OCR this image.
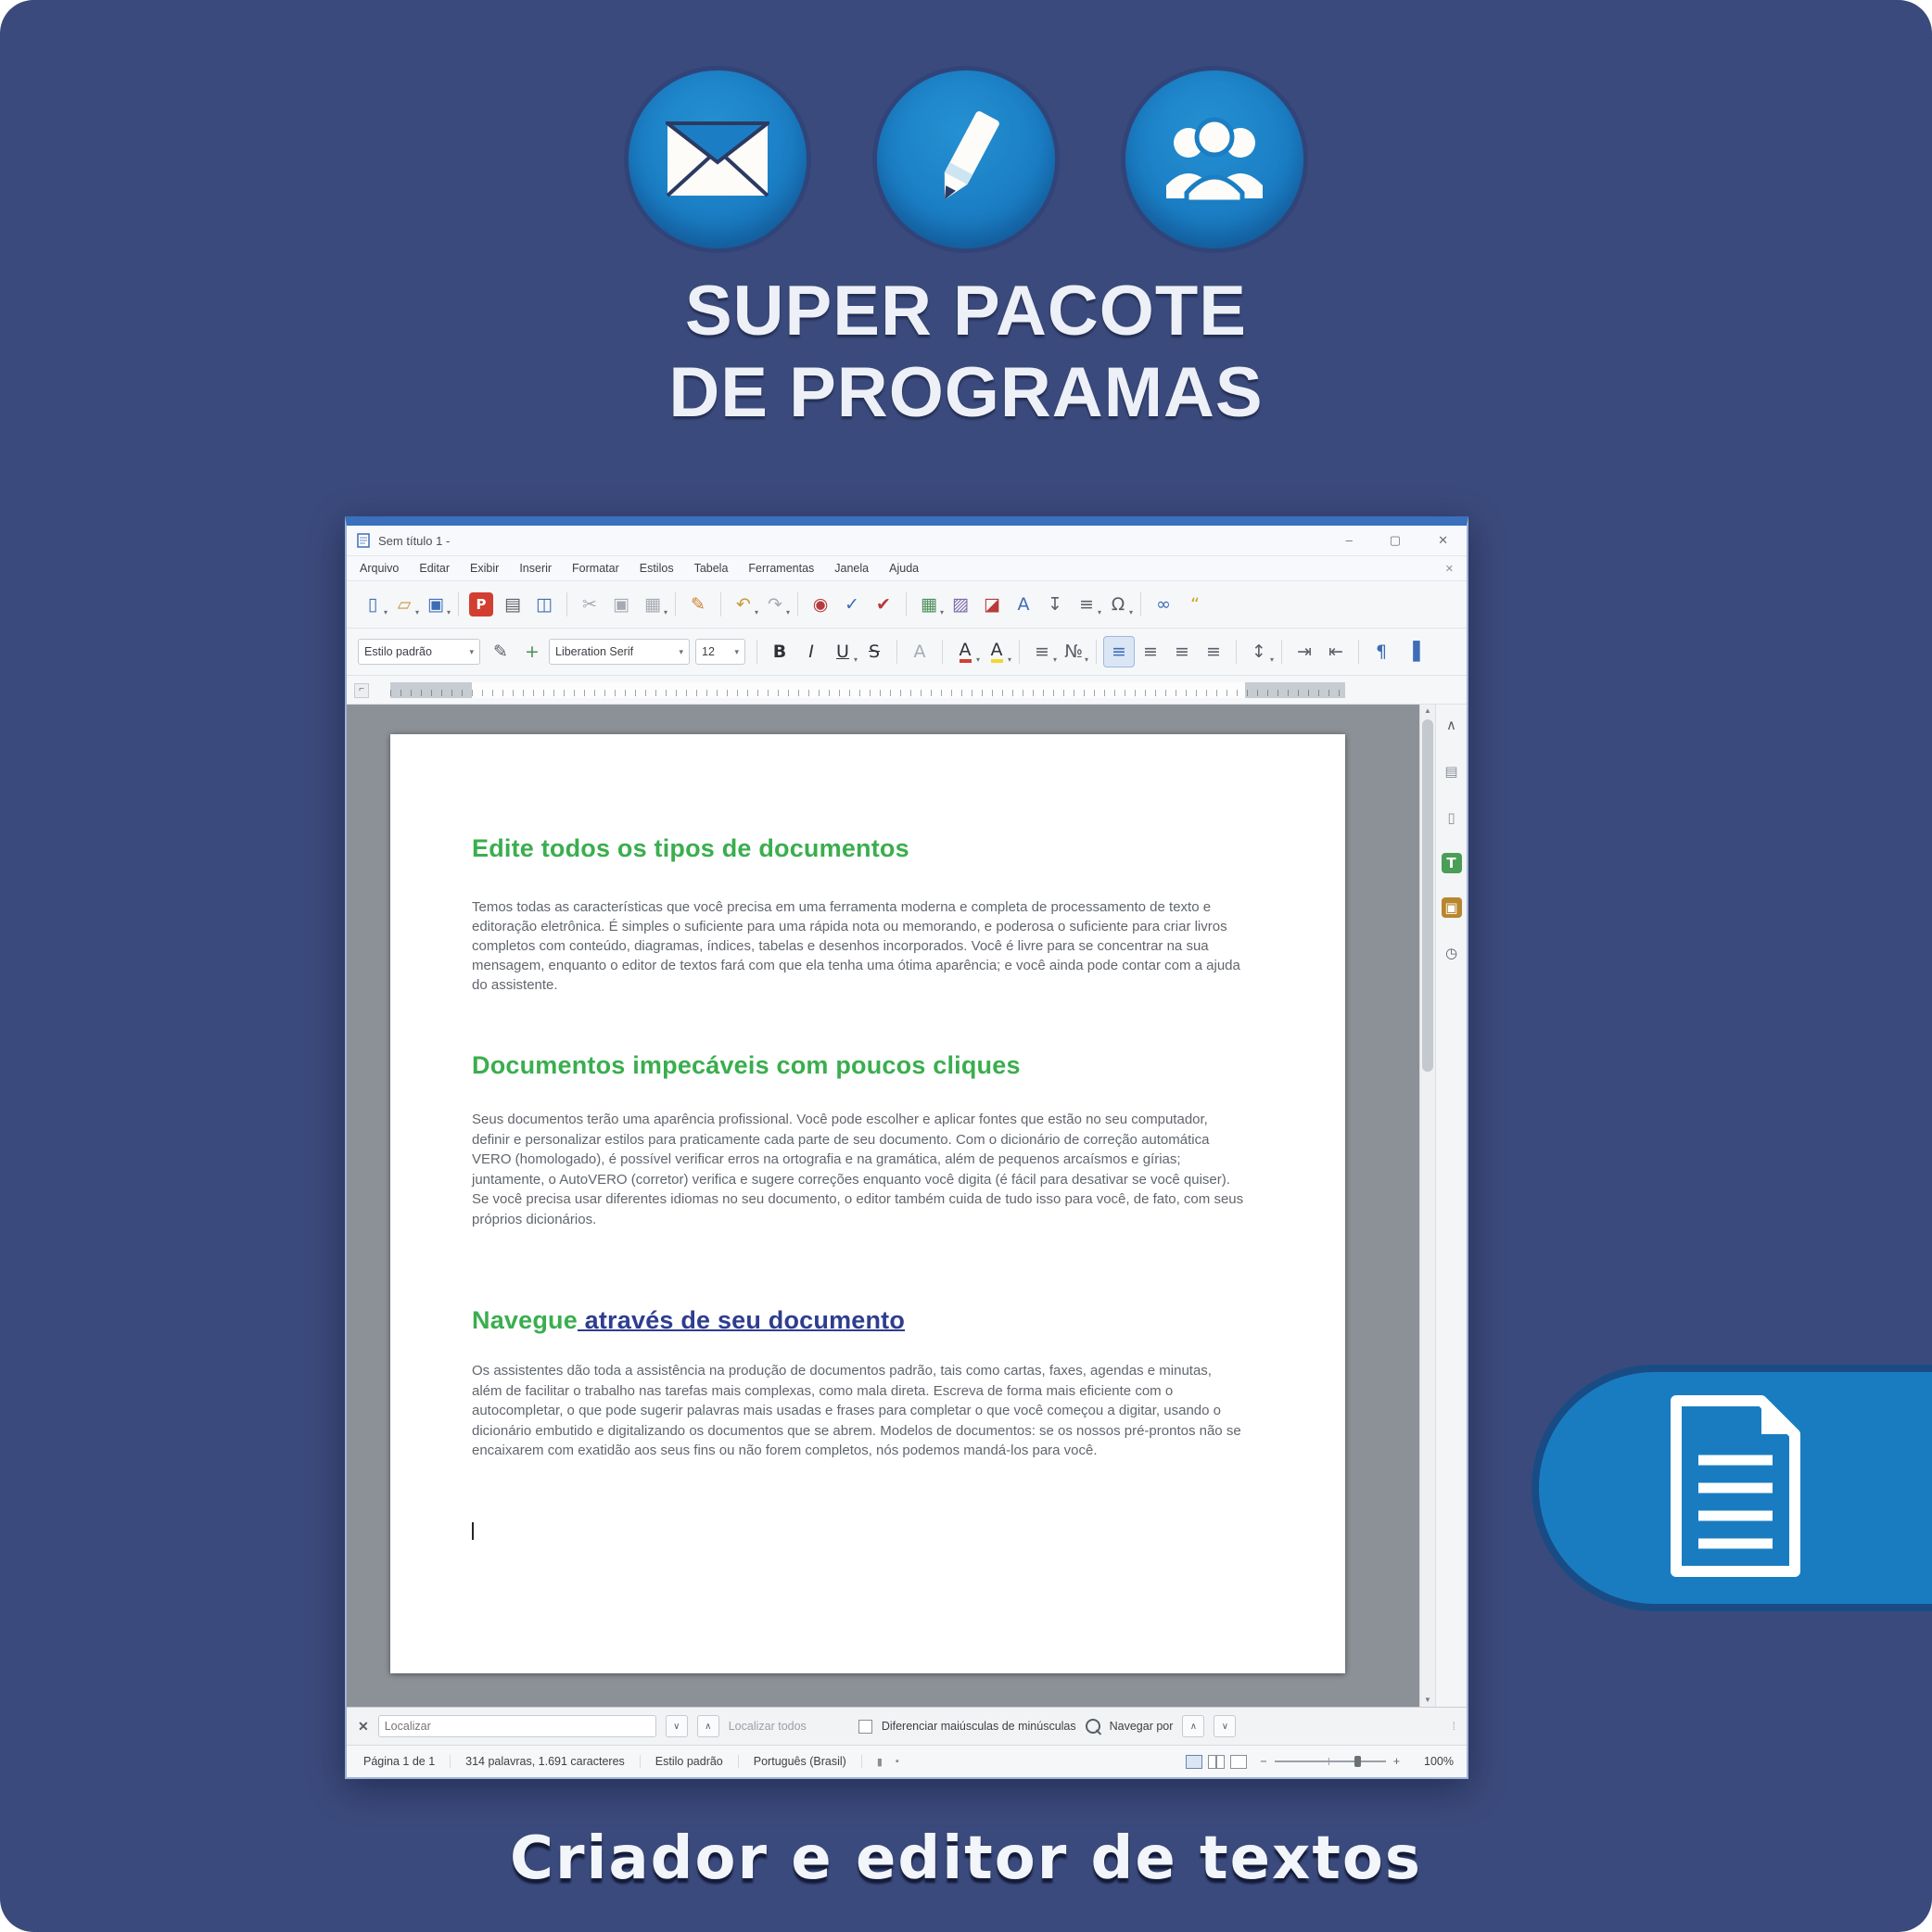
SUPER PACOTE
DE PROGRAMAS
Sem título 1 -	–	▢	✕
Arquivo Editar Exibir Inserir Formatar Estilos Tabela Ferramentas Janela Ajuda	✕
▯ ▾ ▱ ▾ ▣ ▾ P ▤ ◫ ✂ ▣ ▦ ▾ ✎ ↶ ▾ ↷ ▾ ◉ ✓ ✔ ▦ ▾ ▨ ◪ A ↧ ≡ ▾ Ω ▾ ∞ “
Estilo padrão	▾ ✎ + Liberation Serif	▾ 12	▾ B I U ▾ S A A ▾ A ▾ ≡ ▾ № ▾ ≡ ≡ ≡ ≡ ↕ ▾ ⇥ ⇤ ¶ ▐
⌐
Edite todos os tipos de documentos

Temos todas as características que você precisa em uma ferramenta moderna e completa de processamento de texto e editoração eletrônica. É simples o suficiente para uma rápida nota ou memorando, e poderosa o suficiente para criar livros completos com conteúdo, diagramas, índices, tabelas e desenhos incorporados. Você é livre para se concentrar na sua mensagem, enquanto o editor de textos fará com que ela tenha uma ótima aparência; e você ainda pode contar com a ajuda do assistente.

Documentos impecáveis com poucos cliques

Seus documentos terão uma aparência profissional. Você pode escolher e aplicar fontes que estão no seu computador, definir e personalizar estilos para praticamente cada parte de seu documento. Com o dicionário de correção automática VERO (homologado), é possível verificar erros na ortografia e na gramática, além de pequenos arcaísmos e gírias; juntamente, o AutoVERO (corretor) verifica e sugere correções enquanto você digita (é fácil para desativar se você quiser). Se você precisa usar diferentes idiomas no seu documento, o editor também cuida de tudo isso para você, de fato, com seus próprios dicionários.

Navegue através de seu documento

Os assistentes dão toda a assistência na produção de documentos padrão, tais como cartas, faxes, agendas e minutas, além de facilitar o trabalho nas tarefas mais complexas, como mala direta. Escreva de forma mais eficiente com o autocompletar, o que pode sugerir palavras mais usadas e frases para completar o que você começou a digitar, usando o dicionário embutido e digitalizando os documentos que se abrem. Modelos de documentos: se os nossos pré-prontos não se encaixarem com exatidão aos seus fins ou não forem completos, nós podemos mandá-los para você.

▲
▼
∧
▤
▯
T
▣
◷
✕
Localizar	∨	∧	Localizar todos	Diferenciar maiúsculas de minúsculas	Navegar por	∧	∨	⁞
Página 1 de 1	314 palavras, 1.691 caracteres	Estilo padrão	Português (Brasil)	▮ ▪	−	+	100%
Criador e editor de textos
